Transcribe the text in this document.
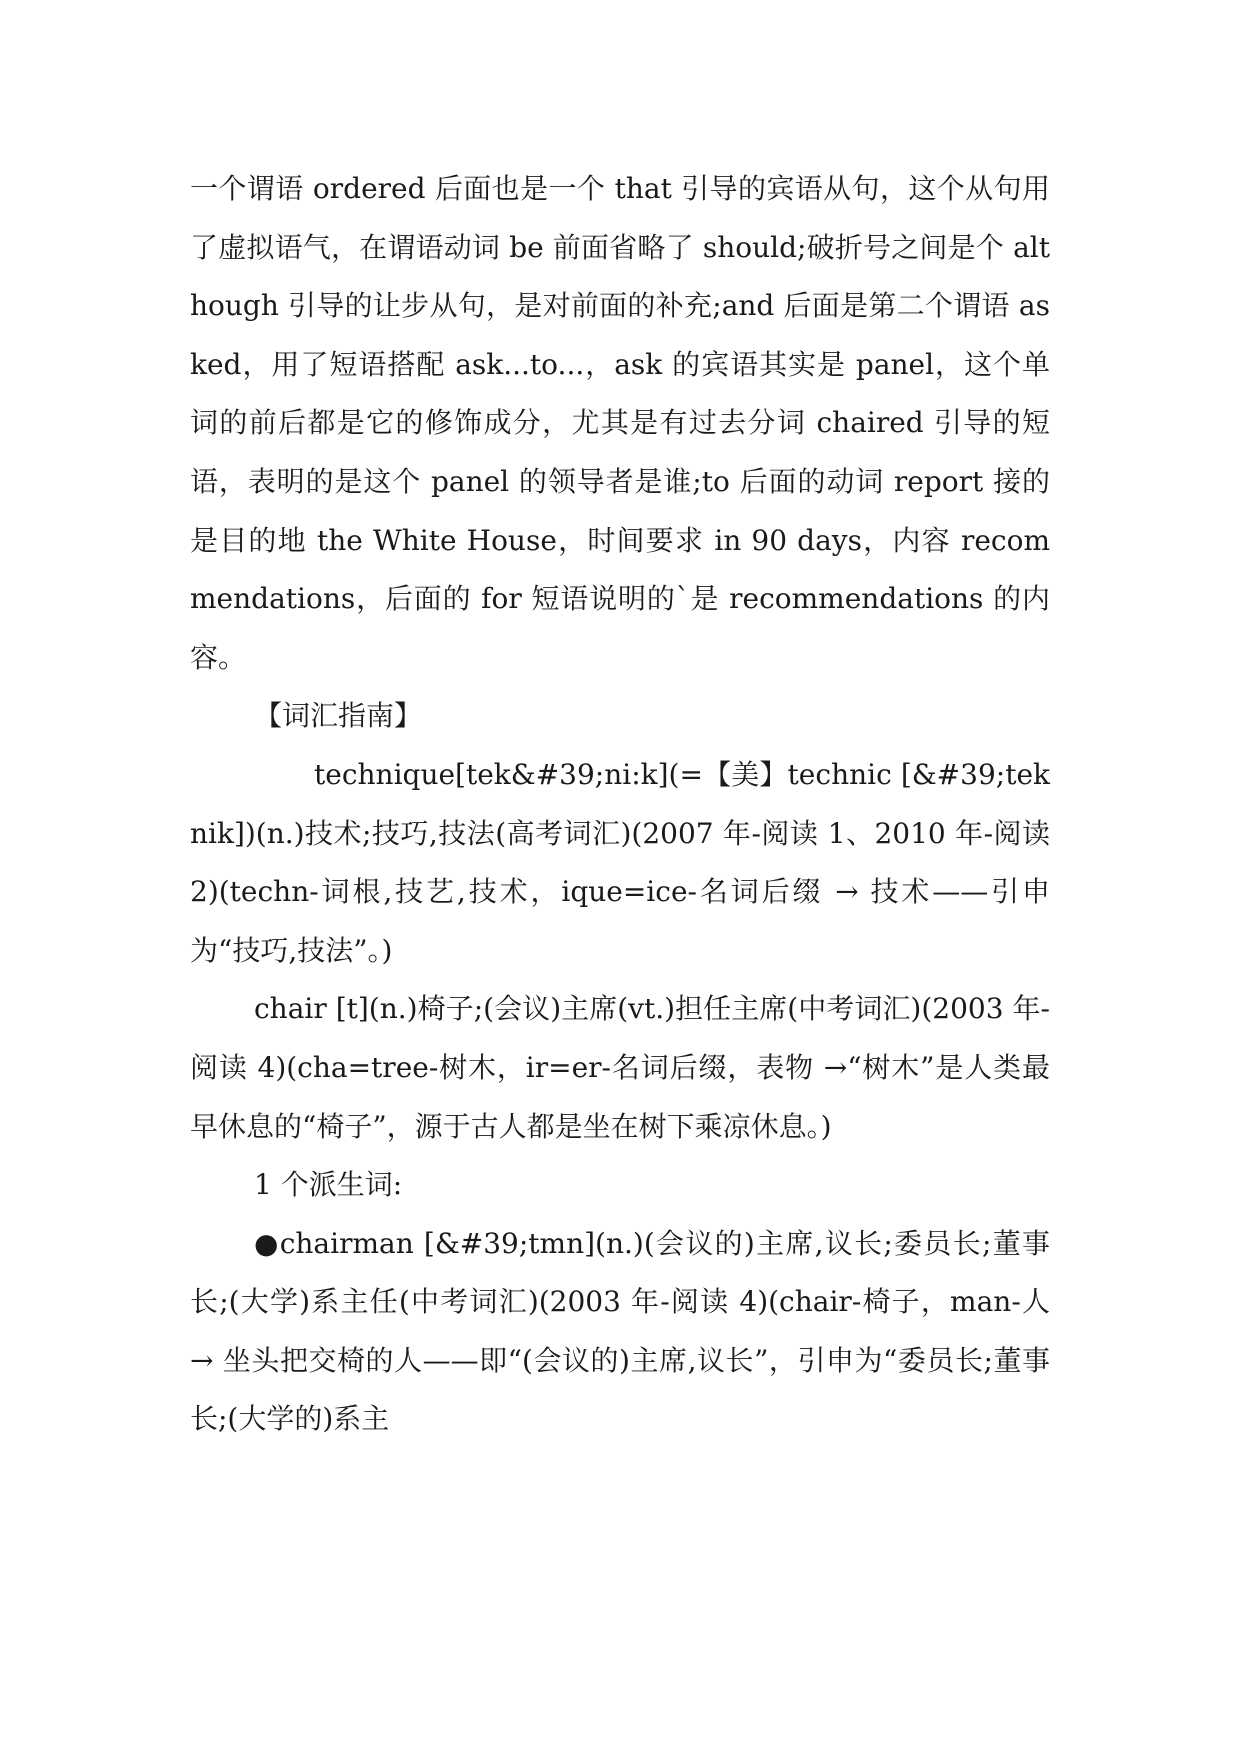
一个谓语 ordered 后面也是一个 that 引导的宾语从句，这个从句用了虚拟语气，在谓语动词 be 前面省略了 should;破折号之间是个 although 引导的让步从句，是对前面的补充;and 后面是第二个谓语 asked，用了短语搭配 ask...to...，ask 的宾语其实是 panel，这个单词的前后都是它的修饰成分，尤其是有过去分词 chaired 引导的短语，表明的是这个 panel 的领导者是谁;to 后面的动词 report 接的是目的地 the White House，时间要求 in 90 days，内容 recommendations，后面的 for 短语说明的`是 recommendations 的内容。

【词汇指南】

technique[tek&#39;ni:k](=【美】technic [&#39;teknik])(n.)技术;技巧,技法(高考词汇)(2007 年-阅读 1、2010 年-阅读 2)(techn-词根,技艺,技术，ique=ice-名词后缀 → 技术——引申为“技巧,技法”。)

chair [t](n.)椅子;(会议)主席(vt.)担任主席(中考词汇)(2003 年-阅读 4)(cha=tree-树木，ir=er-名词后缀，表物 →“树木”是人类最早休息的“椅子”，源于古人都是坐在树下乘凉休息。)

1 个派生词:

●chairman [&#39;tmn](n.)(会议的)主席,议长;委员长;董事长;(大学)系主任(中考词汇)(2003 年-阅读 4)(chair-椅子，man-人 → 坐头把交椅的人——即“(会议的)主席,议长”，引申为“委员长;董事长;(大学的)系主
